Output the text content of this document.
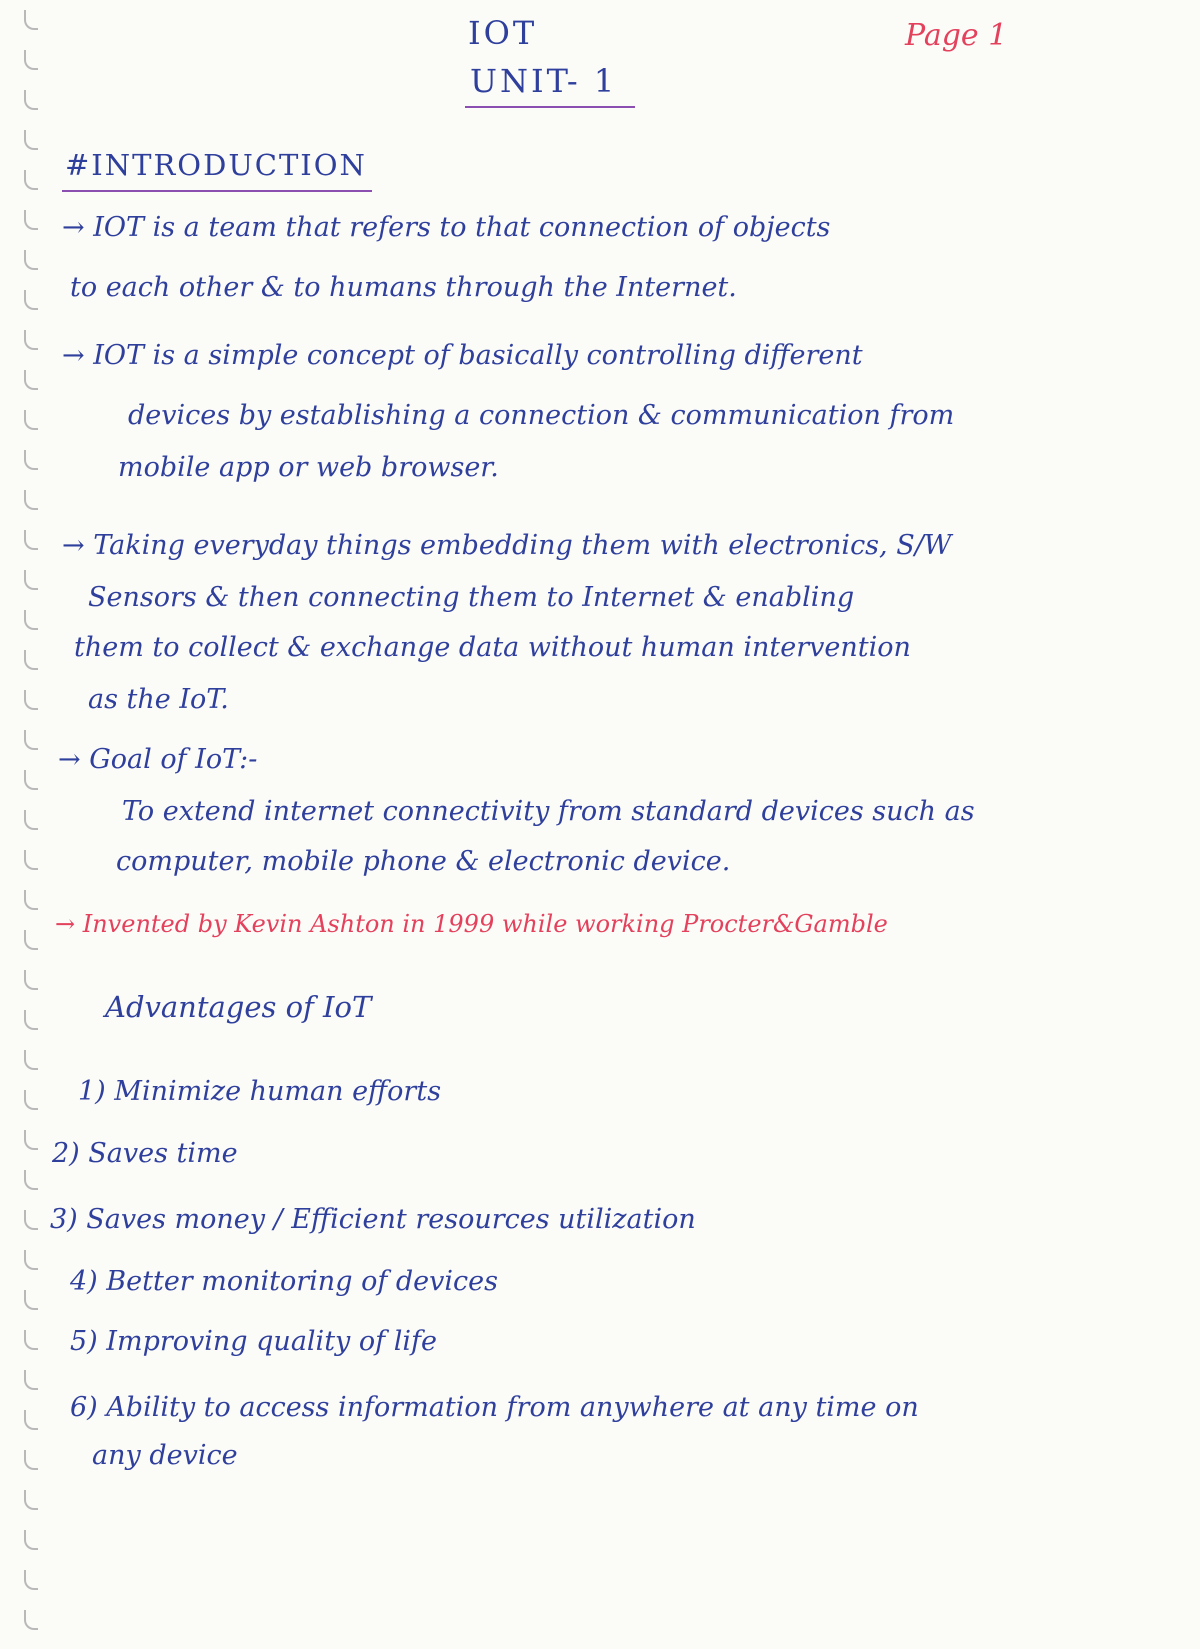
IOT
UNIT- 1
Page 1
#INTRODUCTION
→ IOT is a team that refers to that connection of objects
to each other & to humans through the Internet.
→ IOT is a simple concept of basically controlling different
devices by establishing a connection & communication from
mobile app or web browser.
→ Taking everyday things embedding them with electronics, S/W
Sensors & then connecting them to Internet & enabling
them to collect & exchange data without human intervention
as the IoT.
→ Goal of IoT:-
To extend internet connectivity from standard devices such as
computer, mobile phone & electronic device.
→ Invented by Kevin Ashton in 1999 while working Procter&Gamble
Advantages of IoT
1) Minimize human efforts
2) Saves time
3) Saves money / Efficient resources utilization
4) Better monitoring of devices
5) Improving quality of life
6) Ability to access information from anywhere at any time on
any device
